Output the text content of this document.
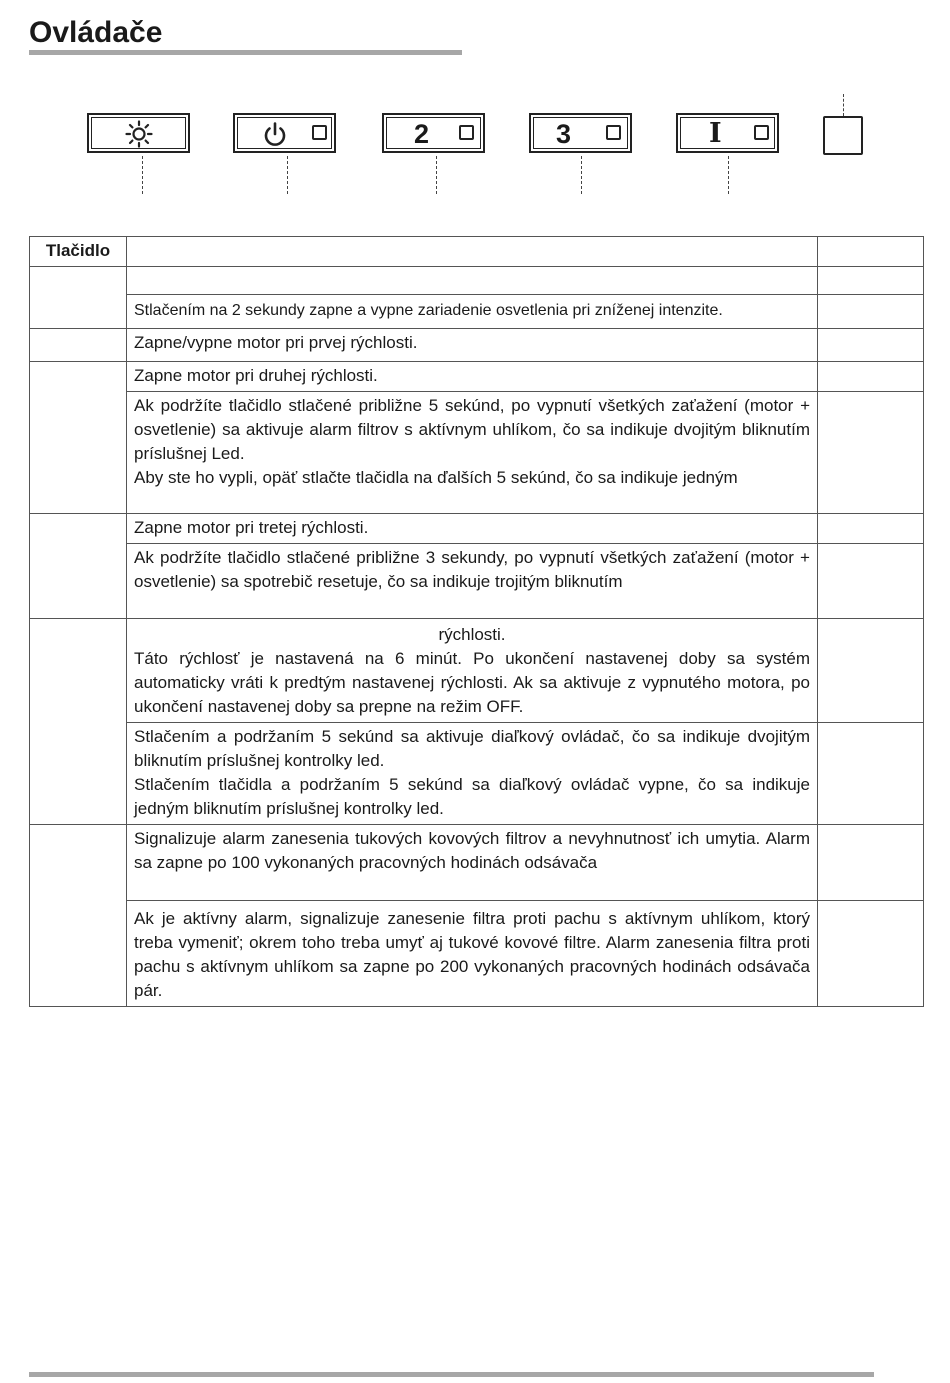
Ovládače
2	3	I
Tlačidlo		

	Stlačením na 2 sekundy zapne a vypne zariadenie osvetlenia pri zníženej intenzite.	
	Zapne/vypne motor pri prvej rýchlosti.	
	Zapne motor pri druhej rýchlosti.	

	Ak podržíte tlačidlo stlačené približne 5 sekúnd, po vypnutí všetkých zaťažení (motor + osvetlenie) sa aktivuje alarm filtrov s aktívnym uhlíkom, čo sa indikuje dvojitým bliknutím príslušnej Led.

Aby ste ho vypli, opäť stlačte tlačidla na ďalších 5 sekúnd, čo sa indikuje jedným	

	Zapne motor pri tretej rýchlosti.	
	Ak podržíte tlačidlo stlačené približne 3 sekundy, po vypnutí všetkých zaťažení (motor + osvetlenie) sa spotrebič resetuje, čo sa indikuje trojitým bliknutím	

	rýchlosti.

Táto rýchlosť je nastavená na 6 minút. Po ukončení nastavenej doby sa systém automaticky vráti k predtým nastavenej rýchlosti. Ak sa aktivuje z vypnutého motora, po ukončení nastavenej doby sa prepne na režim OFF.	

	Stlačením a podržaním 5 sekúnd sa aktivuje diaľkový ovládač, čo sa indikuje dvojitým bliknutím príslušnej kontrolky led.

Stlačením tlačidla a podržaním 5 sekúnd sa diaľkový ovládač vypne, čo sa indikuje jedným bliknutím príslušnej kontrolky led.	

	Signalizuje alarm zanesenia tukových kovových filtrov a nevyhnutnosť ich umytia. Alarm sa zapne po 100 vykonaných pracovných hodinách odsávača	
	Ak je aktívny alarm, signalizuje zanesenie filtra proti pachu s aktívnym uhlíkom, ktorý treba vymeniť; okrem toho treba umyť aj tukové kovové filtre. Alarm zanesenia filtra proti pachu s aktívnym uhlíkom sa zapne po 200 vykonaných pracovných hodinách odsávača pár.	
